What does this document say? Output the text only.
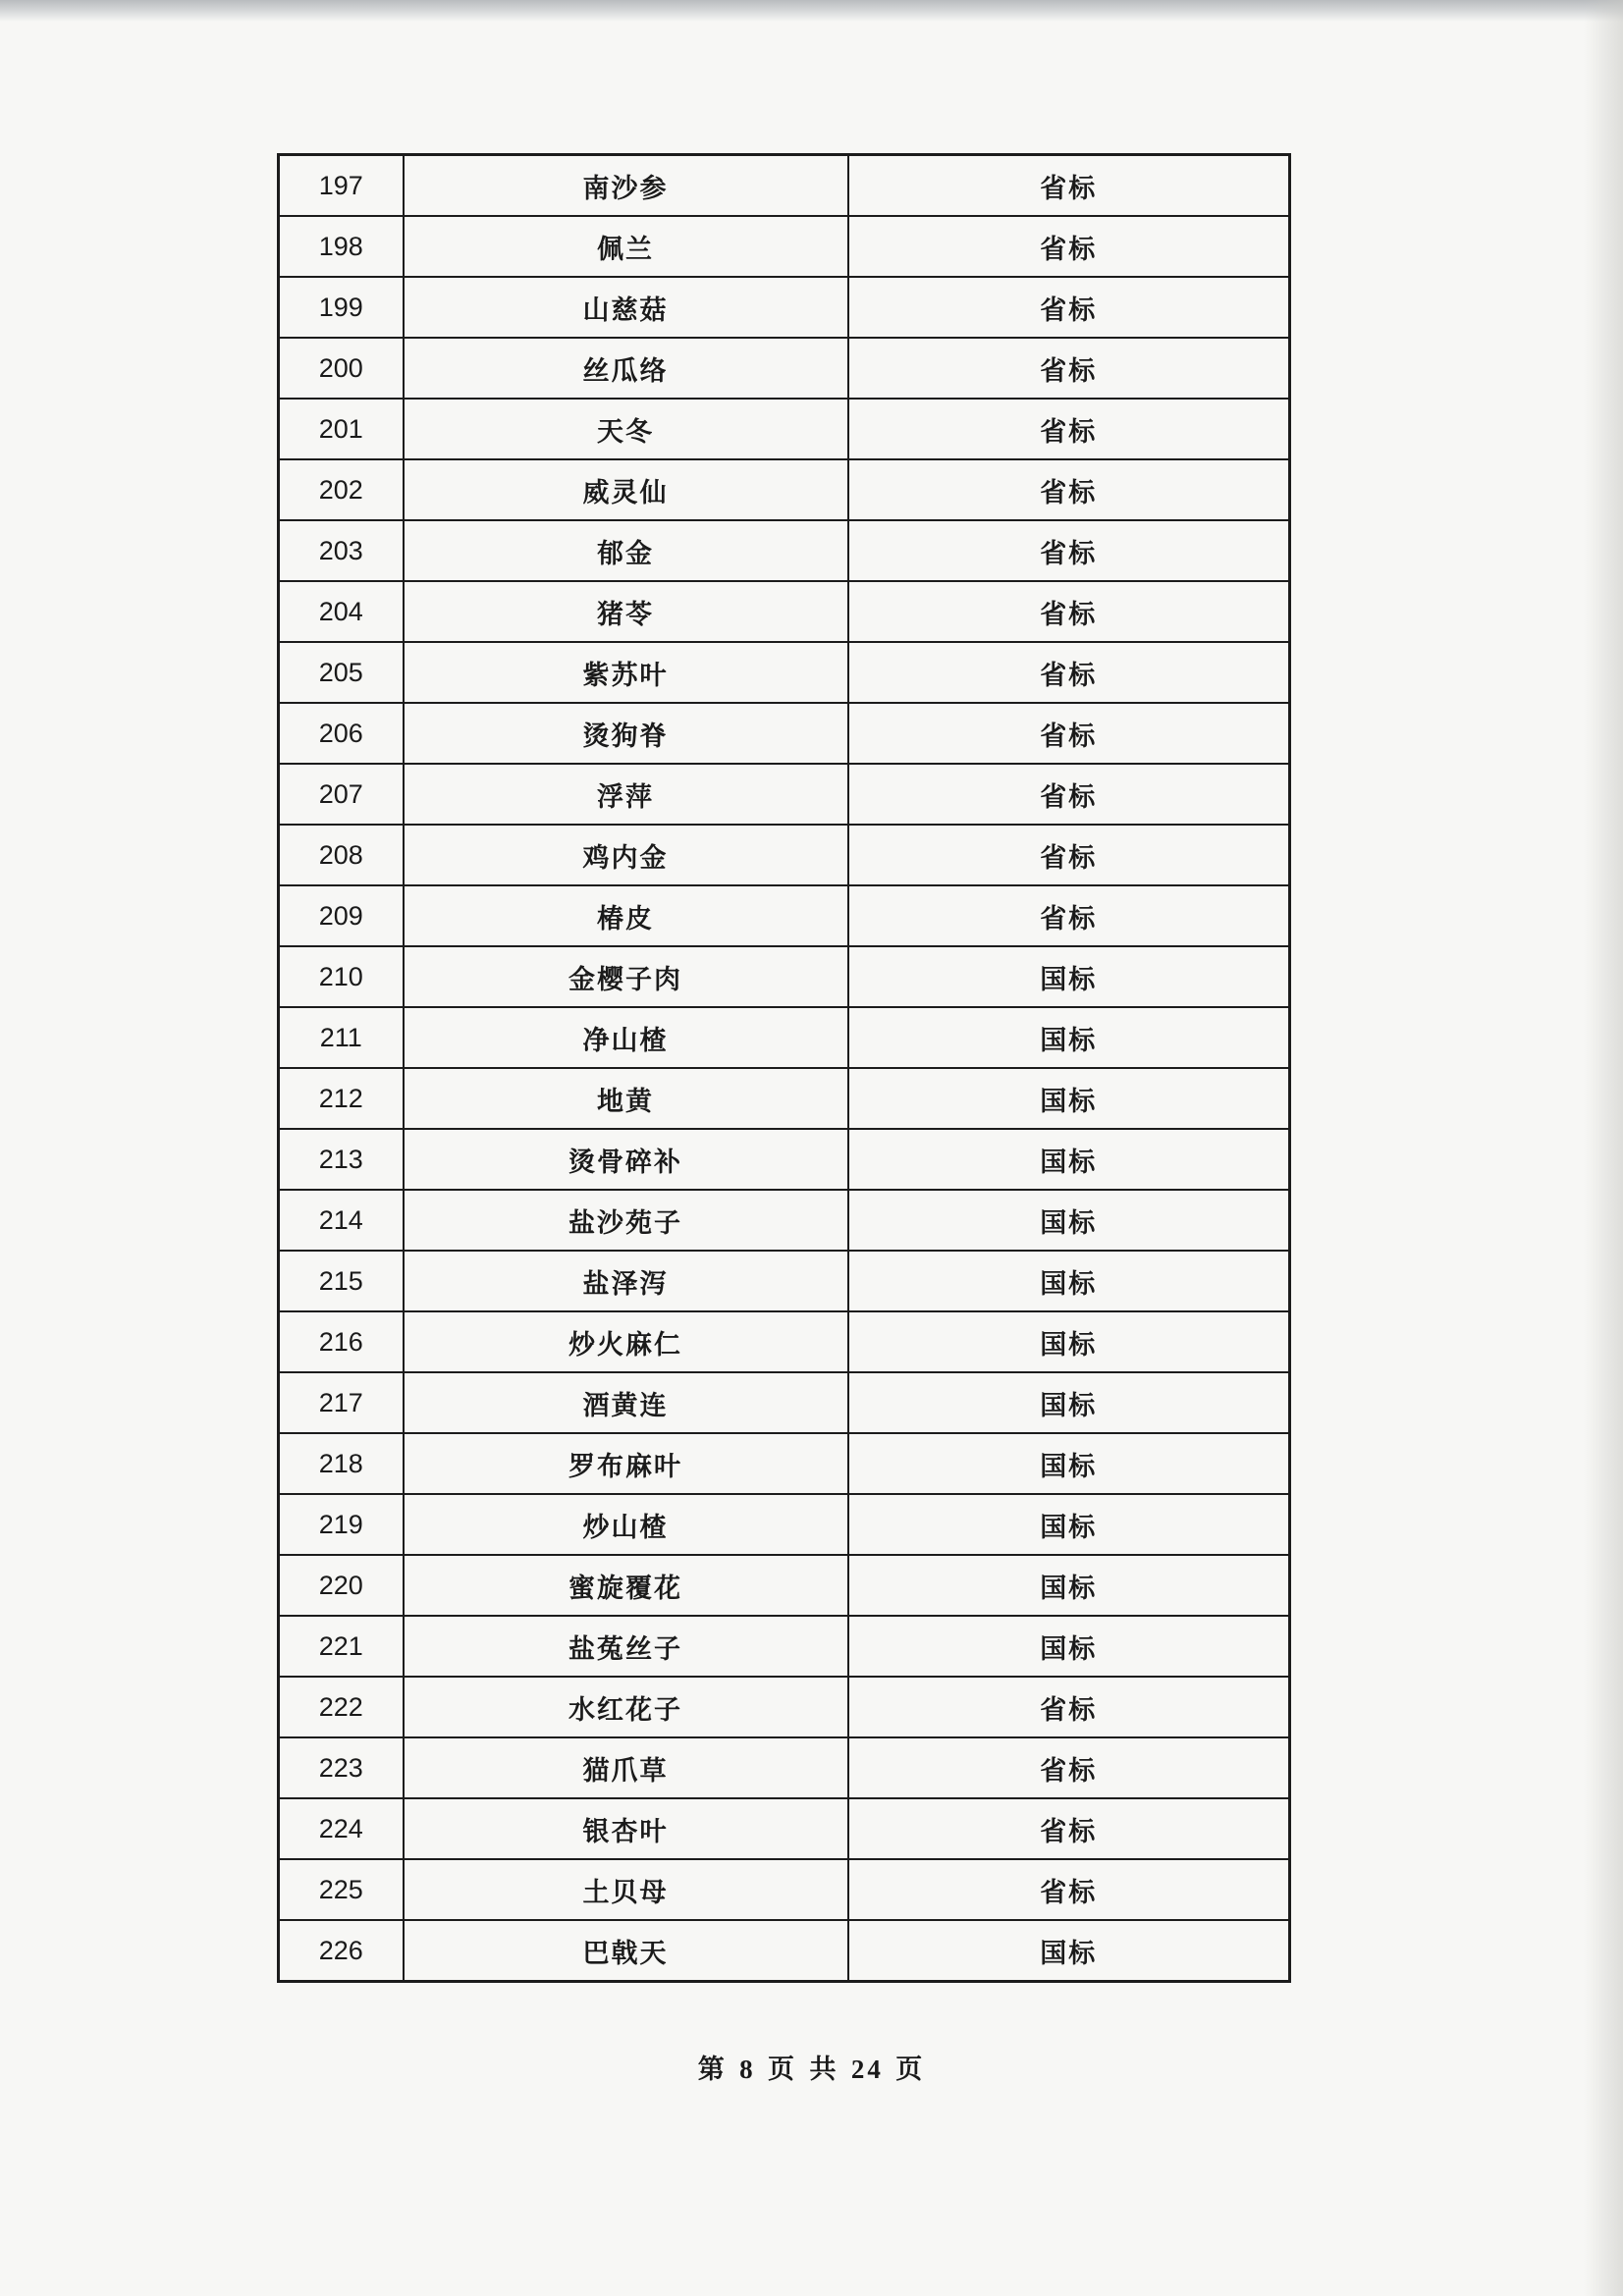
197	南沙参	省标
198	佩兰	省标
199	山慈菇	省标
200	丝瓜络	省标
201	天冬	省标
202	威灵仙	省标
203	郁金	省标
204	猪苓	省标
205	紫苏叶	省标
206	烫狗脊	省标
207	浮萍	省标
208	鸡内金	省标
209	椿皮	省标
210	金樱子肉	国标
211	净山楂	国标
212	地黄	国标
213	烫骨碎补	国标
214	盐沙苑子	国标
215	盐泽泻	国标
216	炒火麻仁	国标
217	酒黄连	国标
218	罗布麻叶	国标
219	炒山楂	国标
220	蜜旋覆花	国标
221	盐菟丝子	国标
222	水红花子	省标
223	猫爪草	省标
224	银杏叶	省标
225	土贝母	省标
226	巴戟天	国标
第 8 页 共 24 页
